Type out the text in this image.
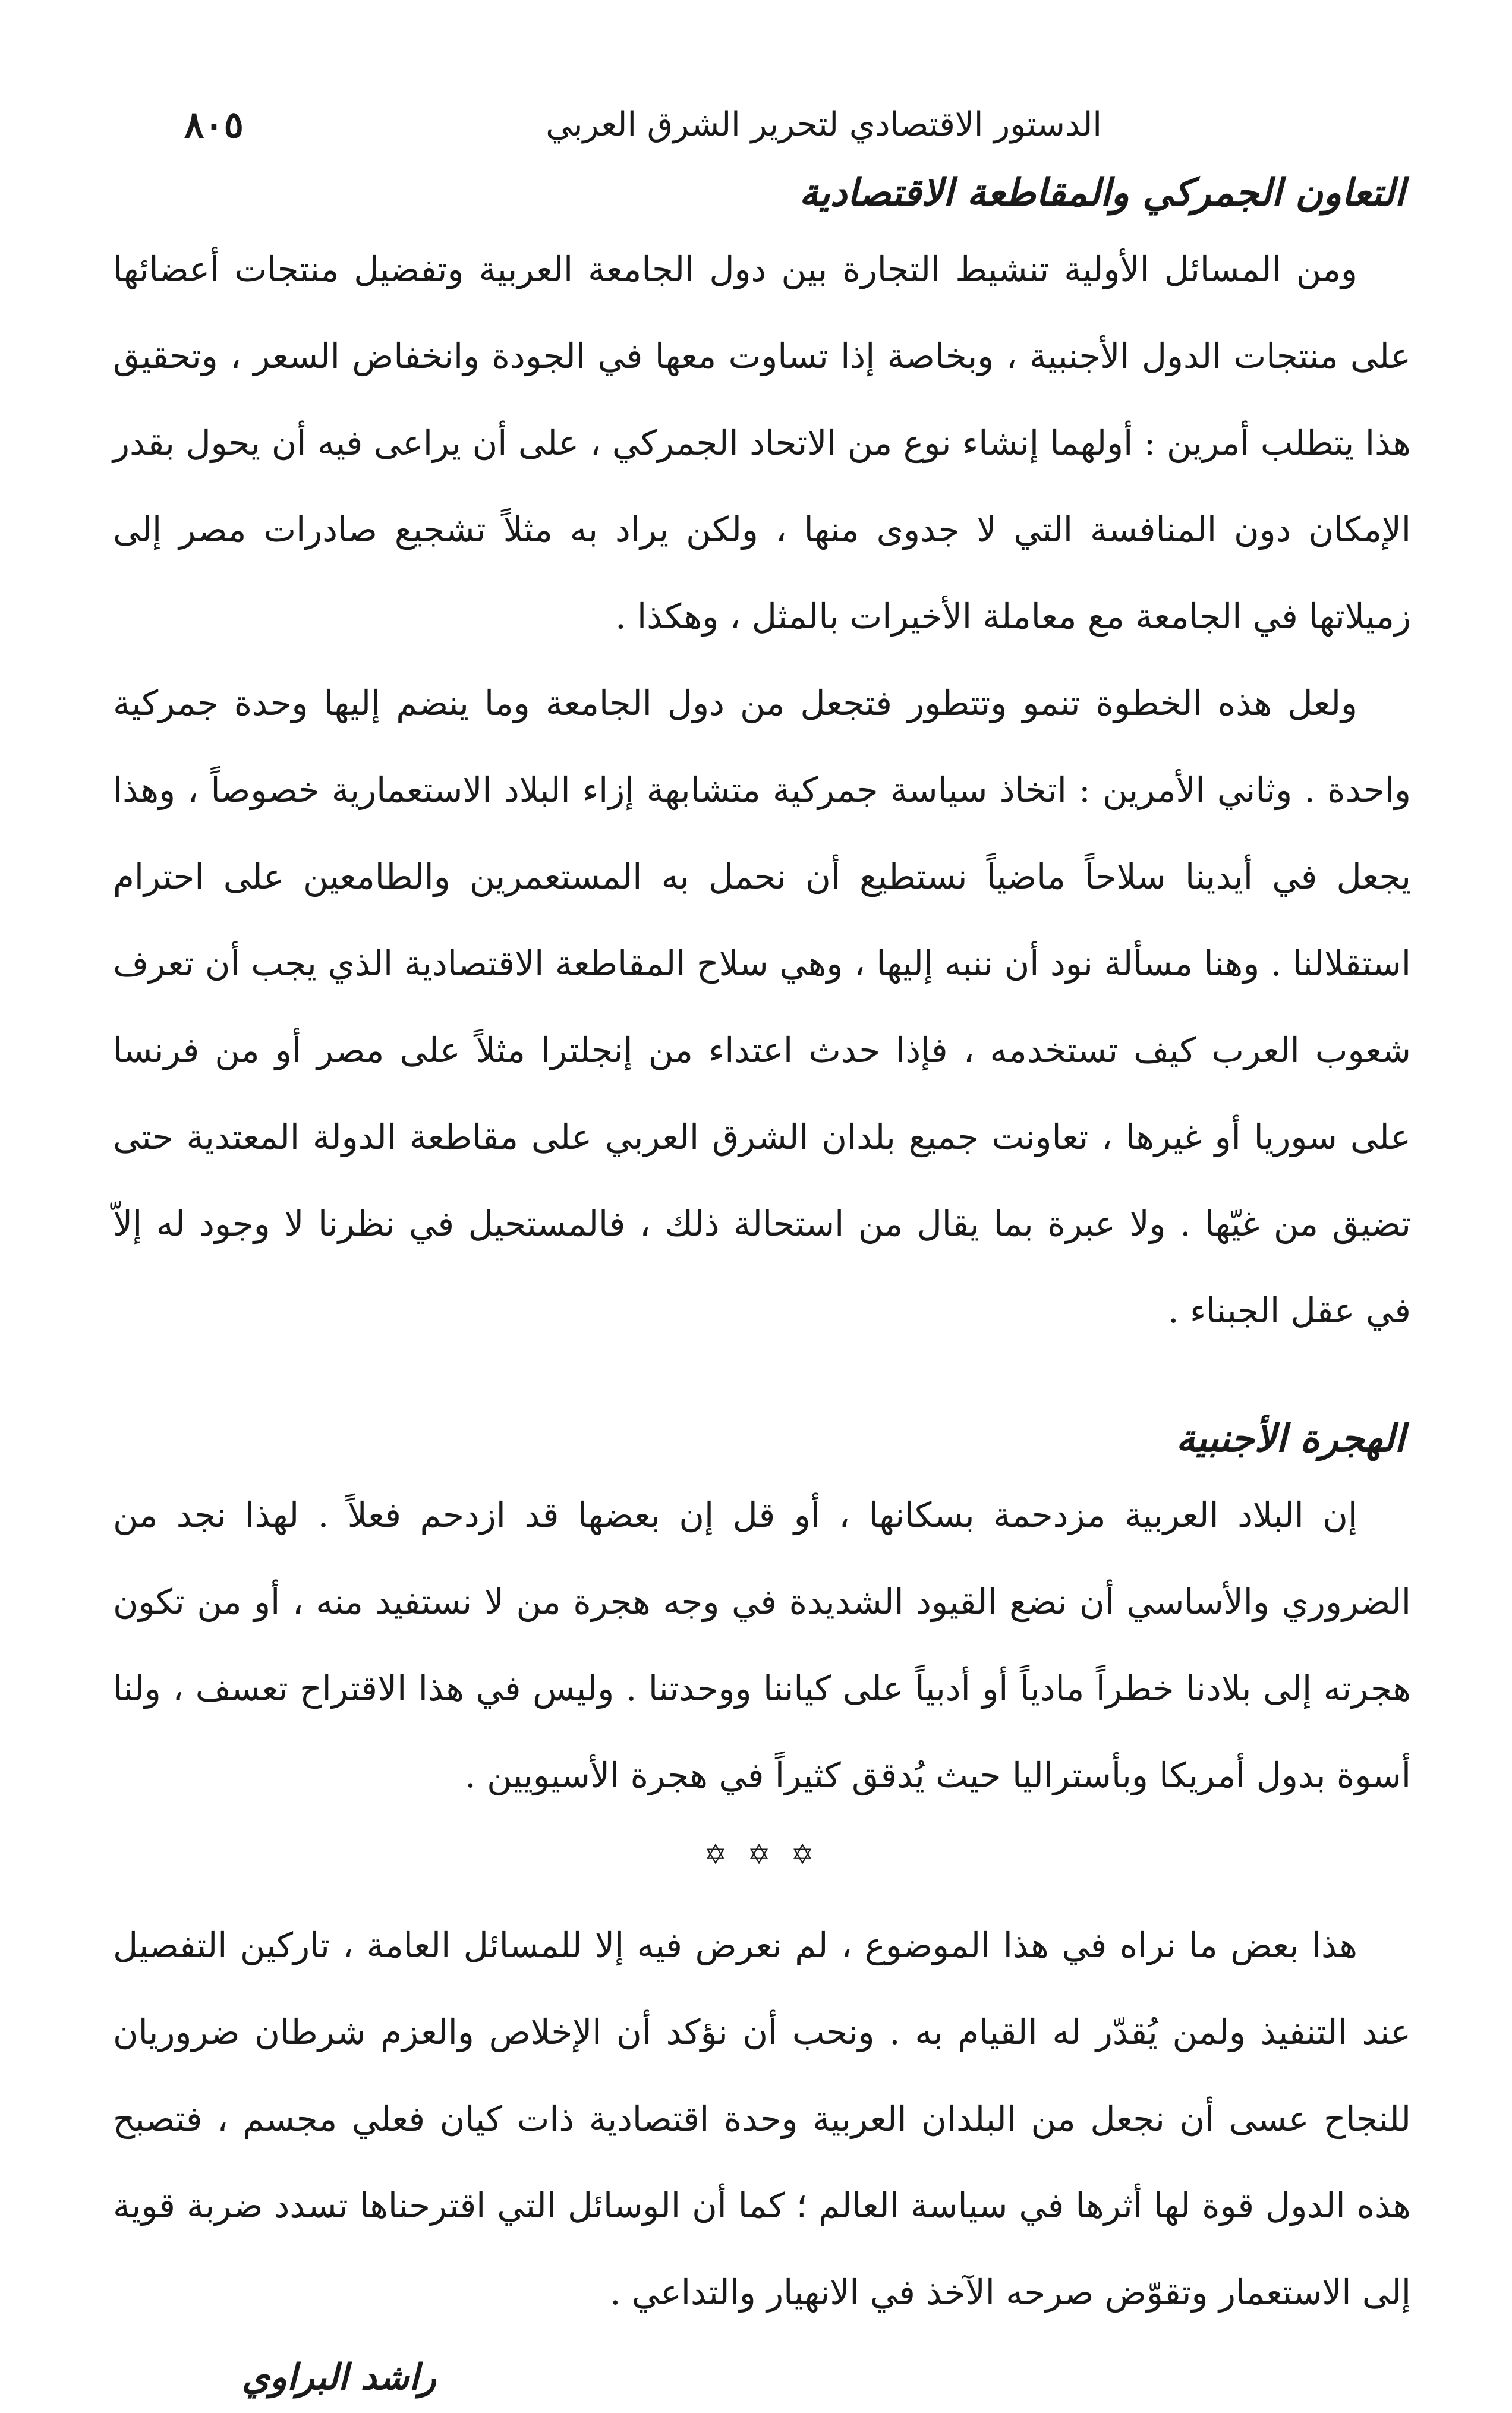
الدستور الاقتصادي لتحرير الشرق العربي
٨٠٥
التعاون الجمركي والمقاطعة الاقتصادية

ومن المسائل الأولية تنشيط التجارة بين دول الجامعة العربية وتفضيل منتجات أعضائها على منتجات الدول الأجنبية ، وبخاصة إذا تساوت معها في الجودة وانخفاض السعر ، وتحقيق هذا يتطلب أمرين : أولهما إنشاء نوع من الاتحاد الجمركي ، على أن يراعى فيه أن يحول بقدر الإمكان دون المنافسة التي لا جدوى منها ، ولكن يراد به مثلاً تشجيع صادرات مصر إلى زميلاتها في الجامعة مع معاملة الأخيرات بالمثل ، وهكذا .

ولعل هذه الخطوة تنمو وتتطور فتجعل من دول الجامعة وما ينضم إليها وحدة جمركية واحدة . وثاني الأمرين : اتخاذ سياسة جمركية متشابهة إزاء البلاد الاستعمارية خصوصاً ، وهذا يجعل في أيدينا سلاحاً ماضياً نستطيع أن نحمل به المستعمرين والطامعين على احترام استقلالنا . وهنا مسألة نود أن ننبه إليها ، وهي سلاح المقاطعة الاقتصادية الذي يجب أن تعرف شعوب العرب كيف تستخدمه ، فإذا حدث اعتداء من إنجلترا مثلاً على مصر أو من فرنسا على سوريا أو غيرها ، تعاونت جميع بلدان الشرق العربي على مقاطعة الدولة المعتدية حتى تضيق من غيّها . ولا عبرة بما يقال من استحالة ذلك ، فالمستحيل في نظرنا لا وجود له إلاّ في عقل الجبناء .

الهجرة الأجنبية

إن البلاد العربية مزدحمة بسكانها ، أو قل إن بعضها قد ازدحم فعلاً . لهذا نجد من الضروري والأساسي أن نضع القيود الشديدة في وجه هجرة من لا نستفيد منه ، أو من تكون هجرته إلى بلادنا خطراً مادياً أو أدبياً على كياننا ووحدتنا . وليس في هذا الاقتراح تعسف ، ولنا أسوة بدول أمريكا وبأستراليا حيث يُدقق كثيراً في هجرة الأسيويين .

✡ ✡ ✡

هذا بعض ما نراه في هذا الموضوع ، لم نعرض فيه إلا للمسائل العامة ، تاركين التفصيل عند التنفيذ ولمن يُقدّر له القيام به . ونحب أن نؤكد أن الإخلاص والعزم شرطان ضروريان للنجاح عسى أن نجعل من البلدان العربية وحدة اقتصادية ذات كيان فعلي مجسم ، فتصبح هذه الدول قوة لها أثرها في سياسة العالم ؛ كما أن الوسائل التي اقترحناها تسدد ضربة قوية إلى الاستعمار وتقوّض صرحه الآخذ في الانهيار والتداعي .

راشد البراوي
